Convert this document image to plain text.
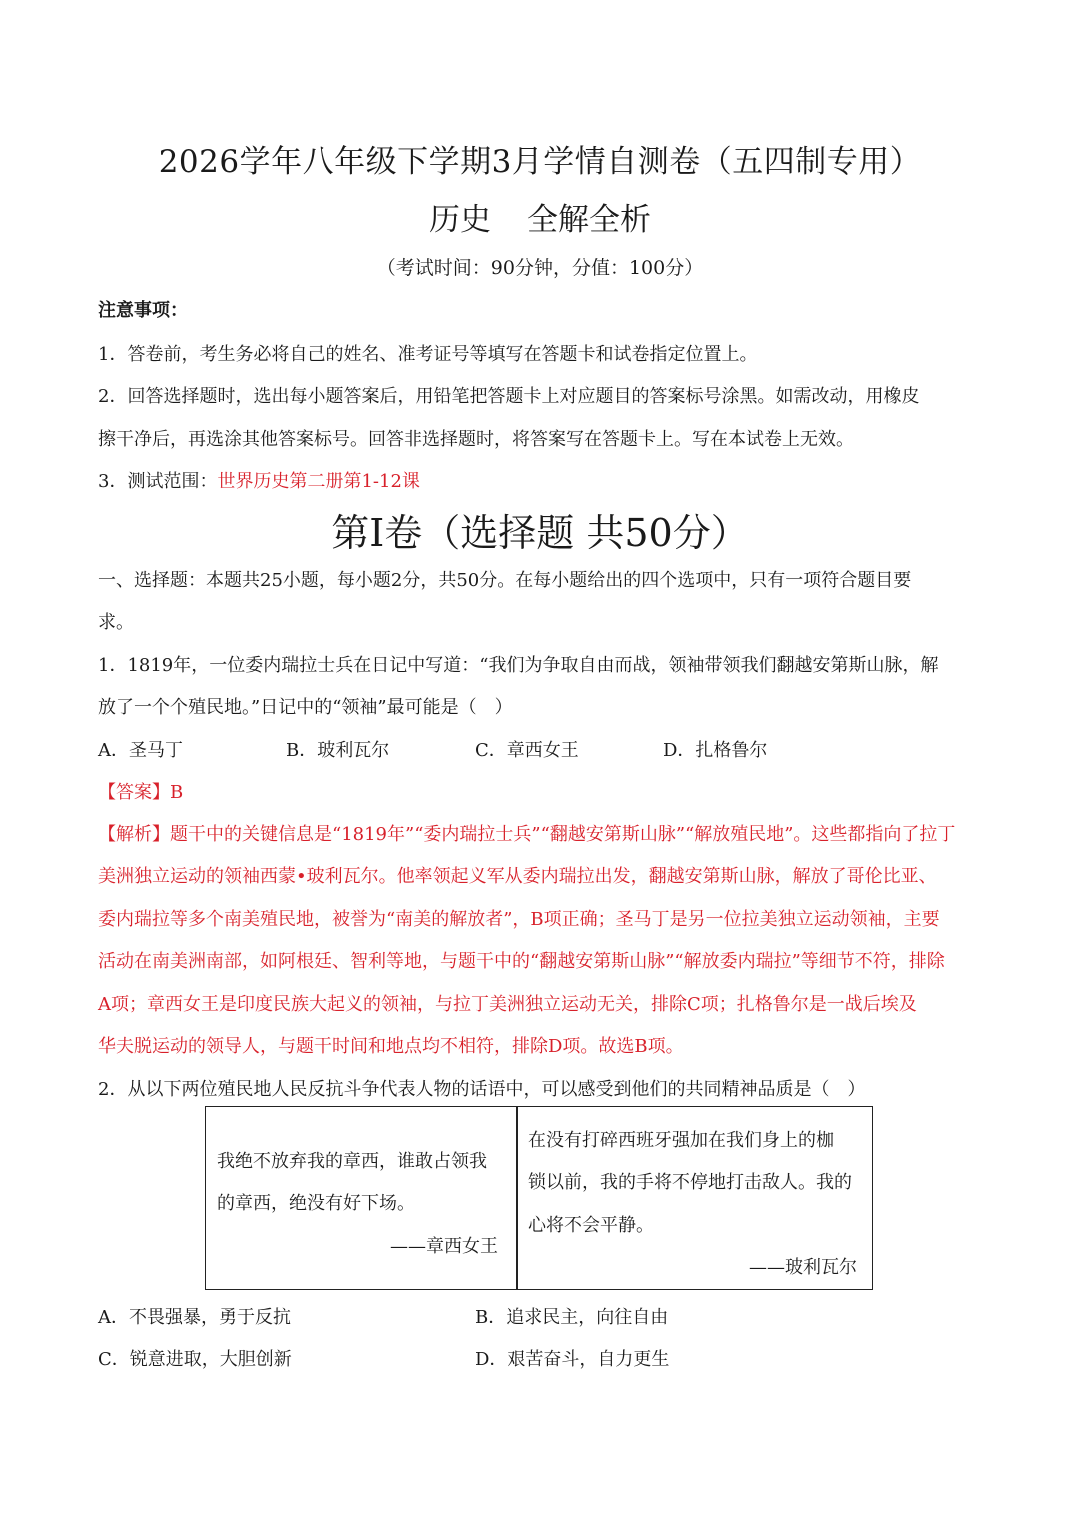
2026学年八年级下学期3月学情自测卷（五四制专用）
历史 全解全析
（考试时间：90分钟，分值：100分）
注意事项：
1．答卷前，考生务必将自己的姓名、准考证号等填写在答题卡和试卷指定位置上。
2．回答选择题时，选出每小题答案后，用铅笔把答题卡上对应题目的答案标号涂黑。如需改动，用橡皮
擦干净后，再选涂其他答案标号。回答非选择题时，将答案写在答题卡上。写在本试卷上无效。
3．测试范围：世界历史第二册第1-12课
第Ⅰ卷（选择题 共50分）
一、选择题：本题共25小题，每小题2分，共50分。在每小题给出的四个选项中，只有一项符合题目要
求。
1．1819年，一位委内瑞拉士兵在日记中写道：“我们为争取自由而战，领袖带领我们翻越安第斯山脉，解
放了一个个殖民地。”日记中的“领袖”最可能是（　）
A．圣马丁	B．玻利瓦尔	C．章西女王	D．扎格鲁尔
【答案】B
【解析】题干中的关键信息是“1819年”“委内瑞拉士兵”“翻越安第斯山脉”“解放殖民地”。这些都指向了拉丁
美洲独立运动的领袖西蒙•玻利瓦尔。他率领起义军从委内瑞拉出发，翻越安第斯山脉，解放了哥伦比亚、
委内瑞拉等多个南美殖民地，被誉为“南美的解放者”，B项正确；圣马丁是另一位拉美独立运动领袖，主要
活动在南美洲南部，如阿根廷、智利等地，与题干中的“翻越安第斯山脉”“解放委内瑞拉”等细节不符，排除
A项；章西女王是印度民族大起义的领袖，与拉丁美洲独立运动无关，排除C项；扎格鲁尔是一战后埃及
华夫脱运动的领导人，与题干时间和地点均不相符，排除D项。故选B项。
2．从以下两位殖民地人民反抗斗争代表人物的话语中，可以感受到他们的共同精神品质是（　）
我绝不放弃我的章西，谁敢占领我
的章西，绝没有好下场。
——章西女王
在没有打碎西班牙强加在我们身上的枷
锁以前，我的手将不停地打击敌人。我的
心将不会平静。
——玻利瓦尔
A．不畏强暴，勇于反抗	B．追求民主，向往自由
C．锐意进取，大胆创新	D．艰苦奋斗，自力更生
